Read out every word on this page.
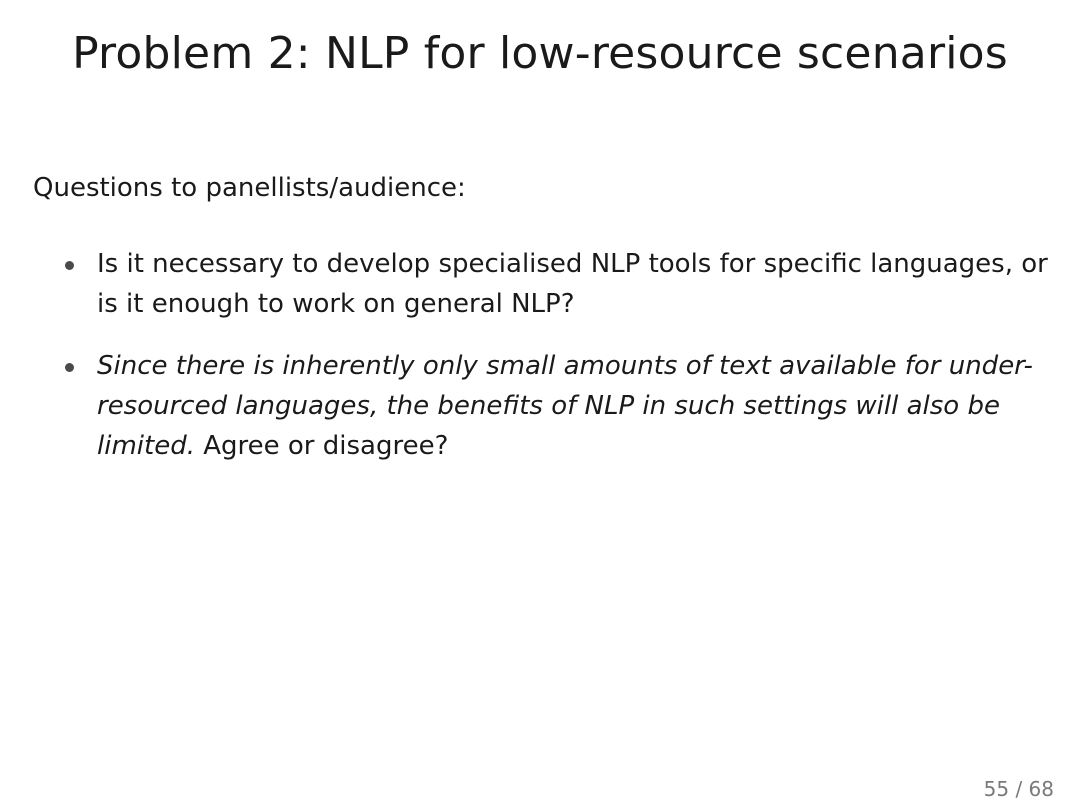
Problem 2: NLP for low-resource scenarios

Questions to panellists/audience:

Is it necessary to develop specialised NLP tools for specific languages, or is it enough to work on general NLP?
Since there is inherently only small amounts of text available for under-resourced languages, the benefits of NLP in such settings will also be limited. Agree or disagree?

55 / 68
